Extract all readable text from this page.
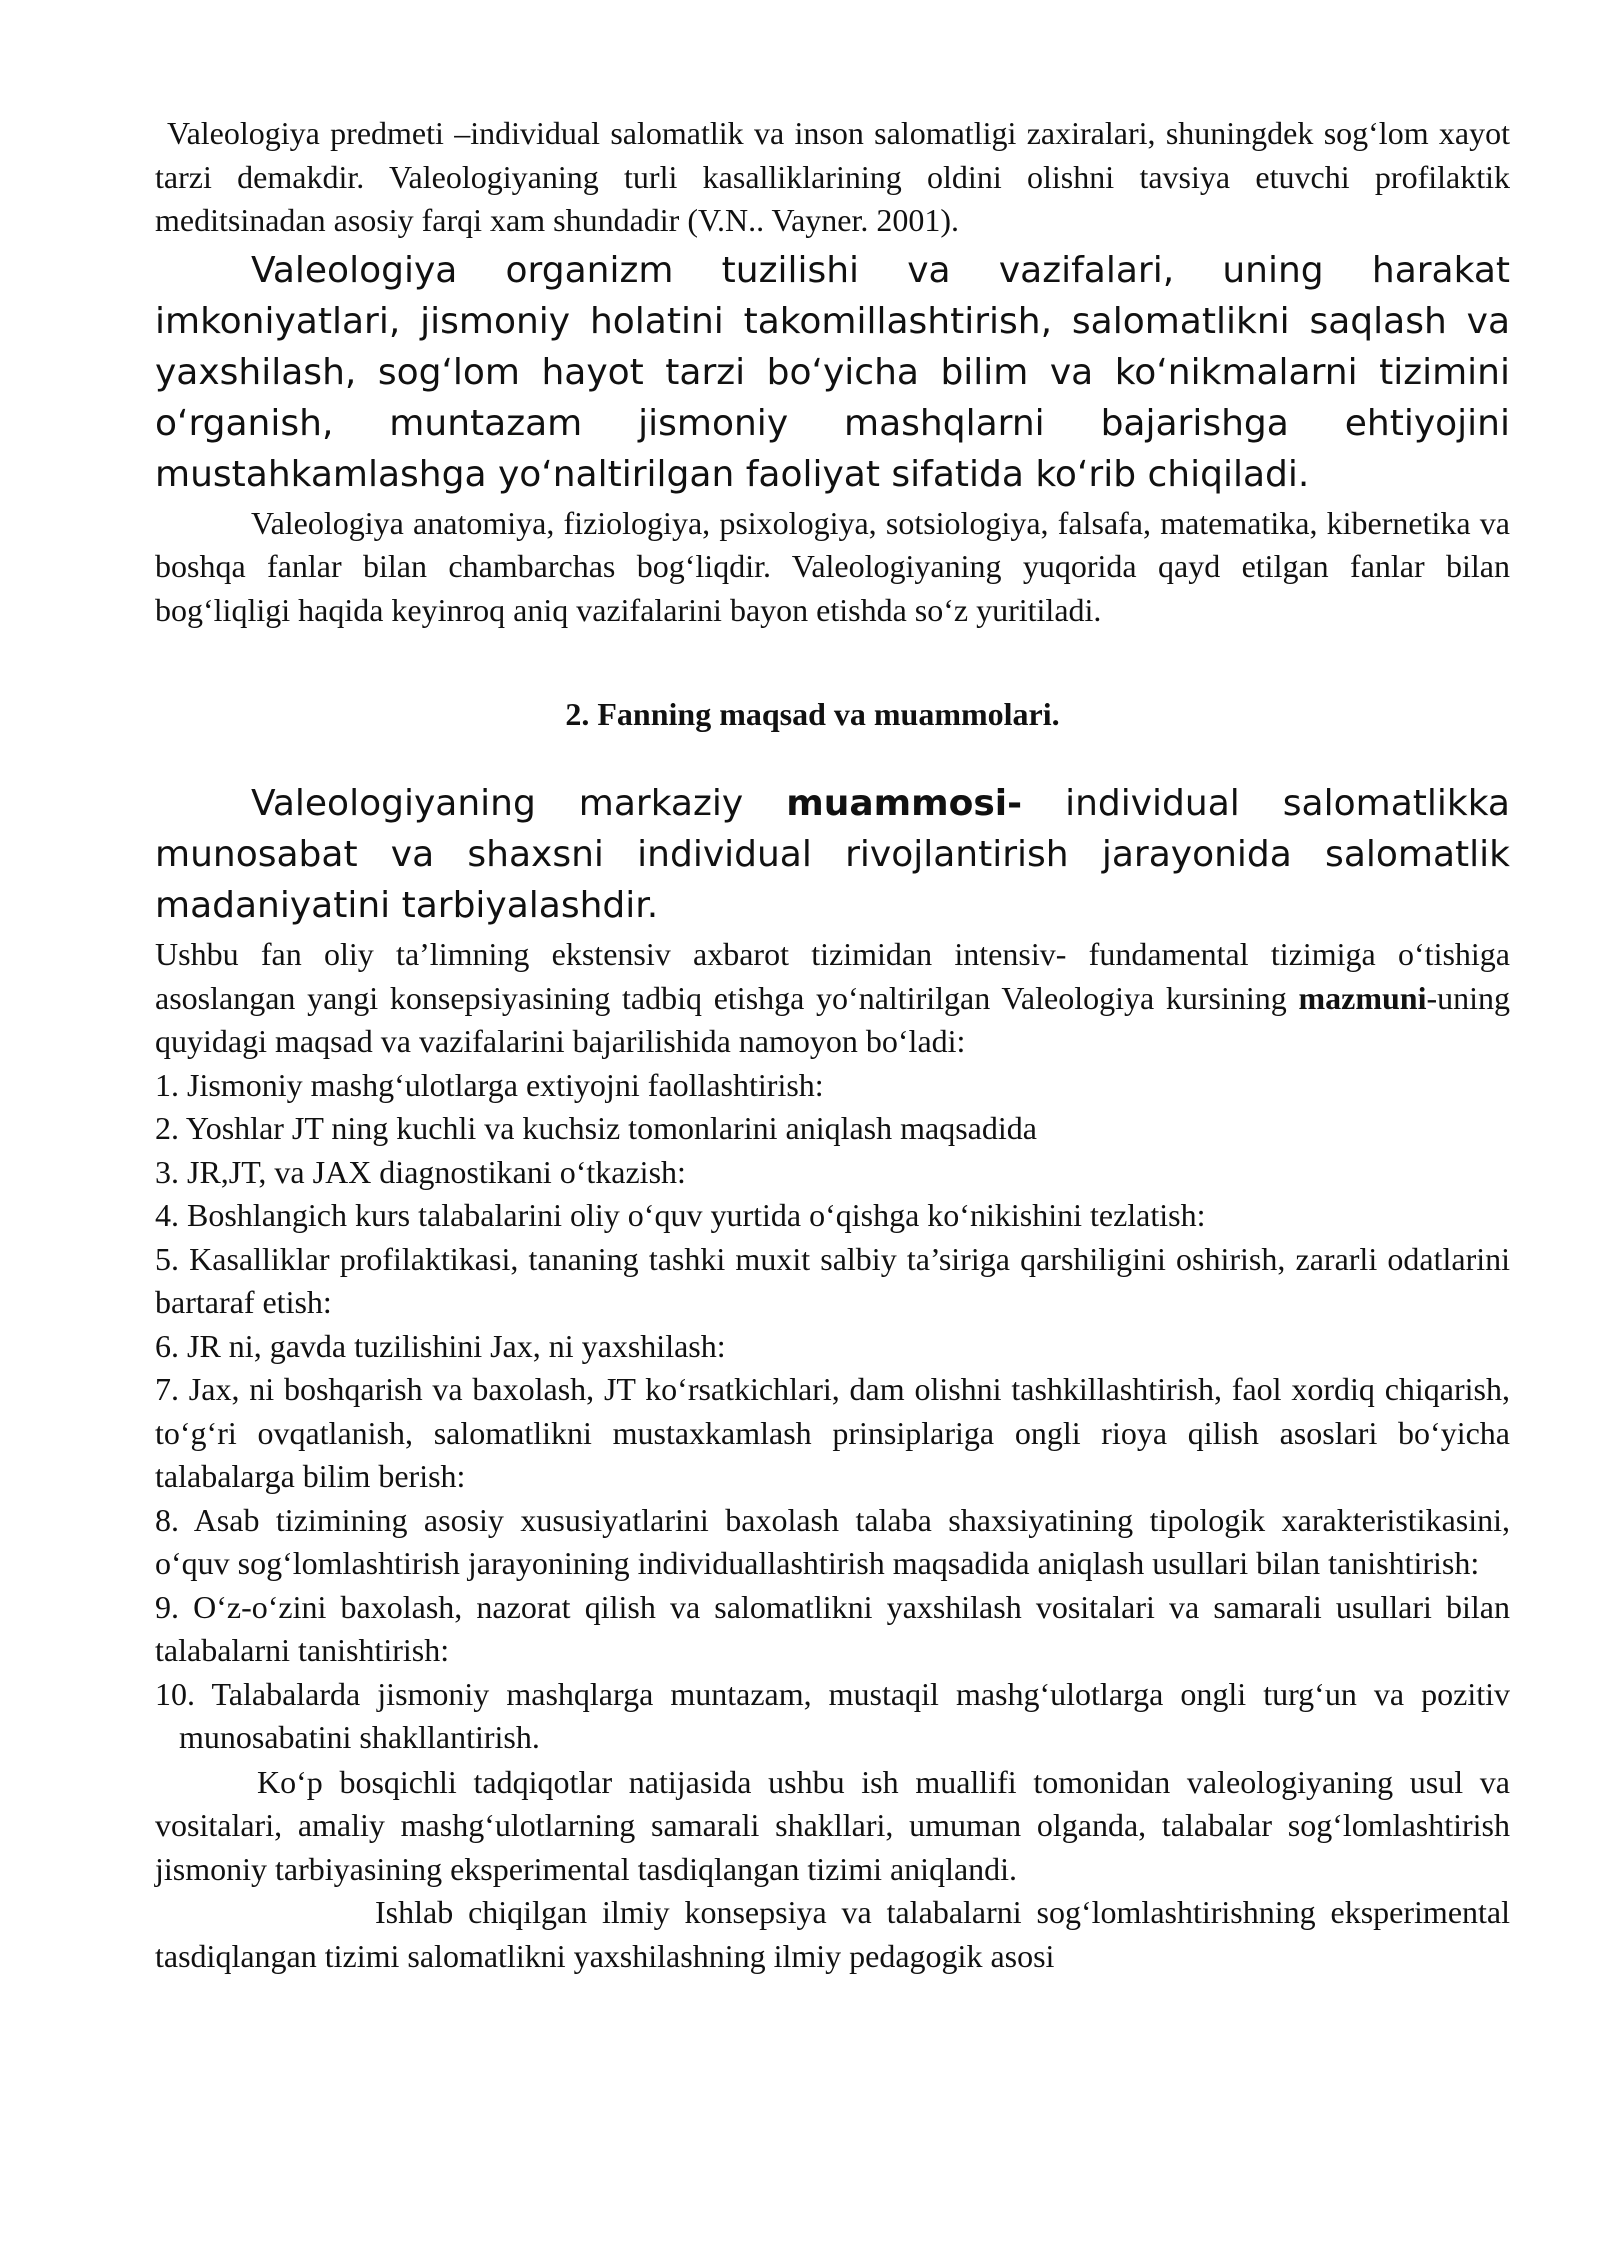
Valeologiya predmeti –individual salomatlik va inson salomatligi zaxiralari, shuningdek sog‘lom xayot tarzi demakdir. Valeologiyaning turli kasalliklarining oldini olishni tavsiya etuvchi profilaktik meditsinadan asosiy farqi xam shundadir (V.N.. Vayner. 2001).

Valeologiya organizm tuzilishi va vazifalari, uning harakat imkoniyatlari, jismoniy holatini takomillashtirish, salomatlikni saqlash va yaxshilash, sog‘lom hayot tarzi bo‘yicha bilim va ko‘nikmalarni tizimini o‘rganish, muntazam jismoniy mashqlarni bajarishga ehtiyojini mustahkamlashga yo‘naltirilgan faoliyat sifatida ko‘rib chiqiladi.

Valeologiya anatomiya, fiziologiya, psixologiya, sotsiologiya, falsafa, matematika, kibernetika va boshqa fanlar bilan chambarchas bog‘liqdir. Valeologiyaning yuqorida qayd etilgan fanlar bilan bog‘liqligi haqida keyinroq aniq vazifalarini bayon etishda so‘z yuritiladi.

2. Fanning maqsad va muammolari.

Valeologiyaning markaziy muammosi- individual salomatlikka munosabat va shaxsni individual rivojlantirish jarayonida salomatlik madaniyatini tarbiyalashdir.

Ushbu fan oliy ta’limning ekstensiv axbarot tizimidan intensiv- fundamental tizimiga o‘tishiga asoslangan yangi konsepsiyasining tadbiq etishga yo‘naltirilgan Valeologiya kursining mazmuni-uning quyidagi maqsad va vazifalarini bajarilishida namoyon bo‘ladi:

1. Jismoniy mashg‘ulotlarga extiyojni faollashtirish:
2. Yoshlar JT ning kuchli va kuchsiz tomonlarini aniqlash maqsadida
3. JR,JT, va JAX diagnostikani o‘tkazish:
4. Boshlangich kurs talabalarini oliy o‘quv yurtida o‘qishga ko‘nikishini tezlatish:
5. Kasalliklar profilaktikasi, tananing tashki muxit salbiy ta’siriga qarshiligini oshirish, zararli odatlarini bartaraf etish:
6. JR ni, gavda tuzilishini Jax, ni yaxshilash:
7. Jax, ni boshqarish va baxolash, JT ko‘rsatkichlari, dam olishni tashkillashtirish, faol xordiq chiqarish, to‘g‘ri ovqatlanish, salomatlikni mustaxkamlash prinsiplariga ongli rioya qilish asoslari bo‘yicha talabalarga bilim berish:
8. Asab tizimining asosiy xususiyatlarini baxolash talaba shaxsiyatining tipologik xarakteristikasini, o‘quv sog‘lomlashtirish jarayonining individuallashtirish maqsadida aniqlash usullari bilan tanishtirish:
9. O‘z-o‘zini baxolash, nazorat qilish va salomatlikni yaxshilash vositalari va samarali usullari bilan talabalarni tanishtirish:
10. Talabalarda jismoniy mashqlarga muntazam, mustaqil mashg‘ulotlarga ongli turg‘un va pozitiv munosabatini shakllantirish.

Ko‘p bosqichli tadqiqotlar natijasida ushbu ish muallifi tomonidan valeologiyaning usul va vositalari, amaliy mashg‘ulotlarning samarali shakllari, umuman olganda, talabalar sog‘lomlashtirish jismoniy tarbiyasining eksperimental tasdiqlangan tizimi aniqlandi.

Ishlab chiqilgan ilmiy konsepsiya va talabalarni sog‘lomlashtirishning eksperimental tasdiqlangan tizimi salomatlikni yaxshilashning ilmiy pedagogik asosi
